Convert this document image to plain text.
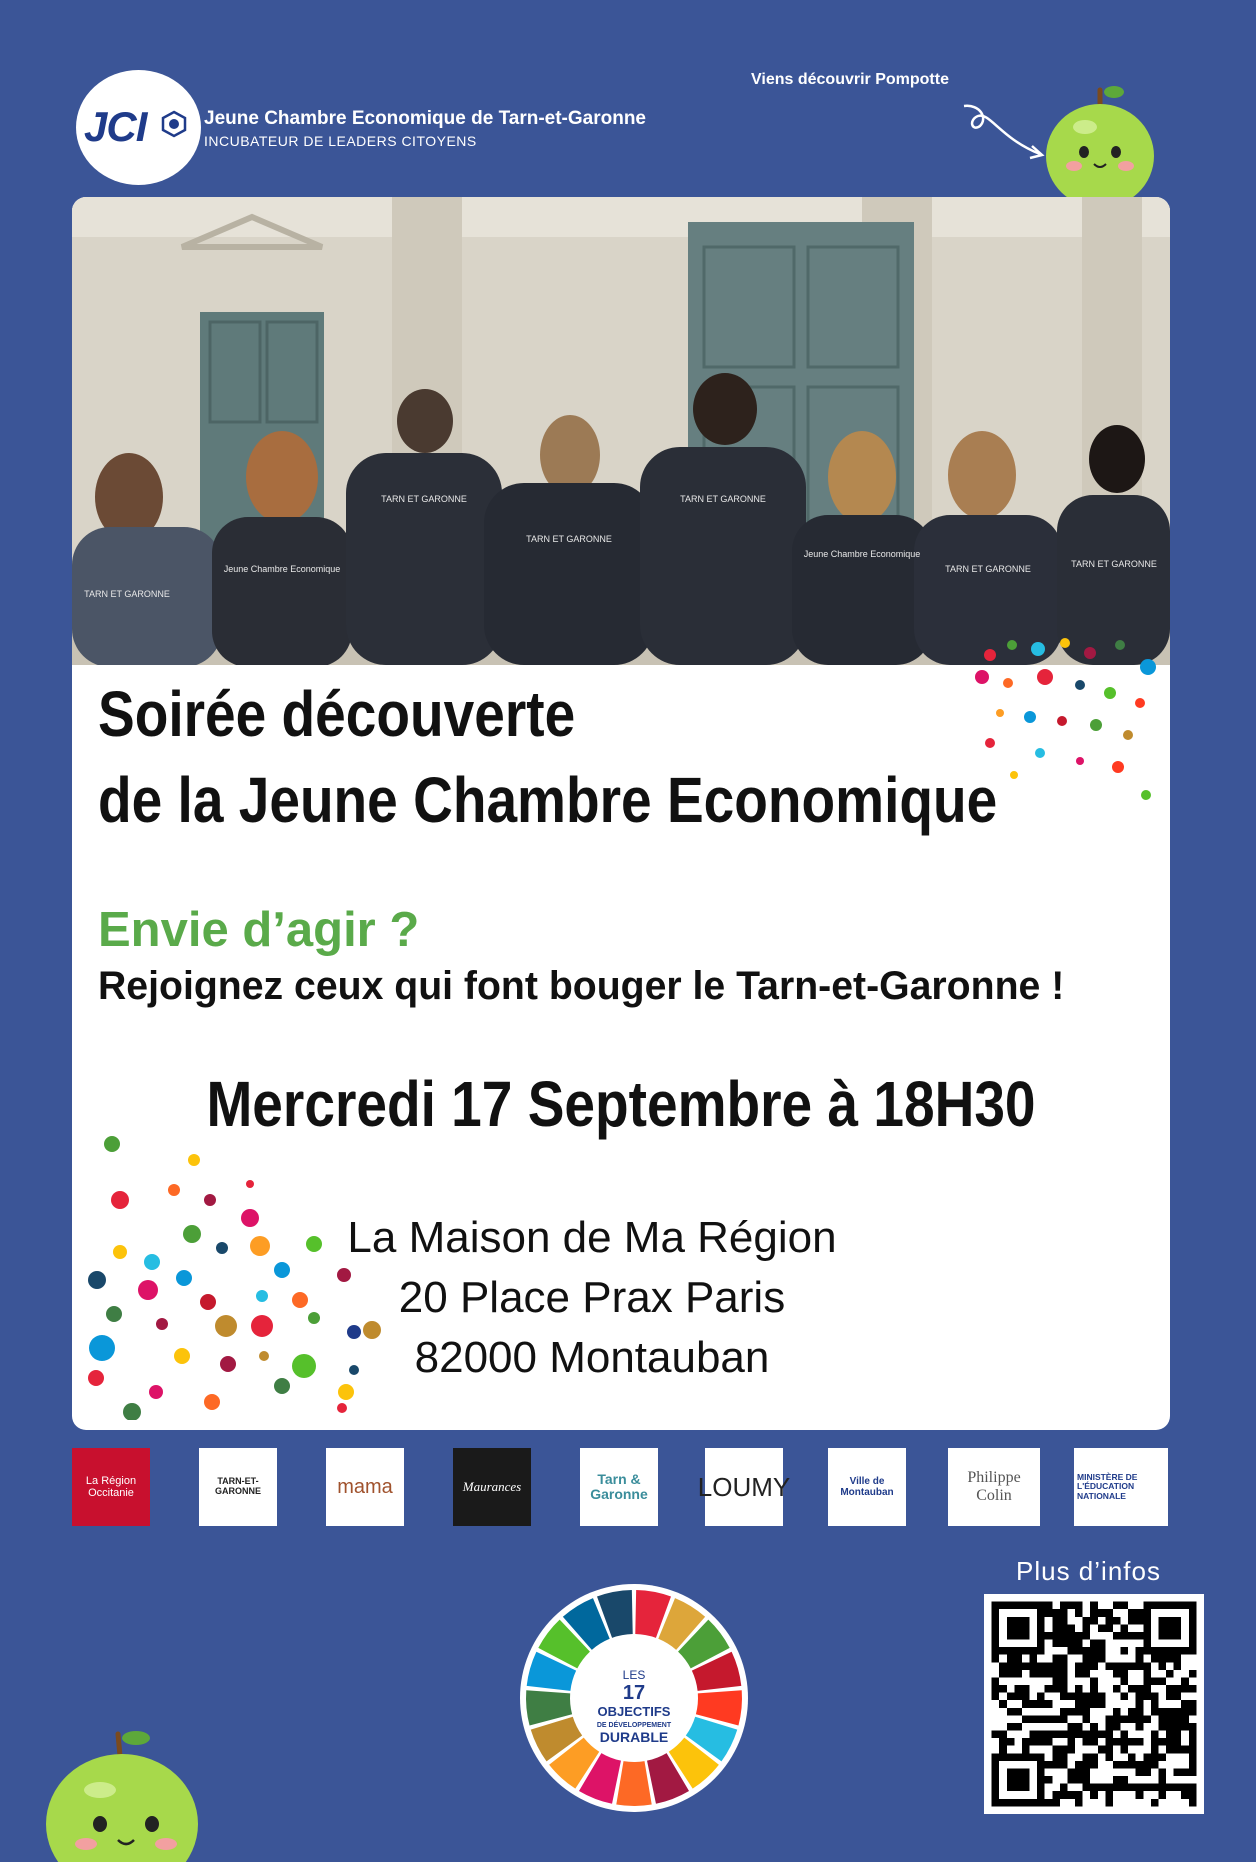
JCI	Jeune Chambre Economique de Tarn-et-Garonne
INCUBATEUR DE LEADERS CITOYENS
Viens découvrir Pompotte
TARN ET GARONNE
Jeune Chambre Economique
TARN ET GARONNE
TARN ET GARONNE
TARN ET GARONNE
Jeune Chambre Economique
TARN ET GARONNE	TARN ET GARONNE
Soirée découverte
de la Jeune Chambre Economique
Envie d’agir ?
Rejoignez ceux qui font bouger le Tarn-et-Garonne !
Mercredi 17 Septembre à 18H30
La Maison de Ma Région
20 Place Prax Paris
82000 Montauban
La Région Occitanie
TARN-ET-GARONNE	mama	Maurances	Tarn & Garonne LOUMY	Ville de Montauban
Philippe Colin
MINISTÈRE DE L'ÉDUCATION NATIONALE
LES
17
OBJECTIFS
DE DÉVELOPPEMENT
DURABLE
Plus d’infos
